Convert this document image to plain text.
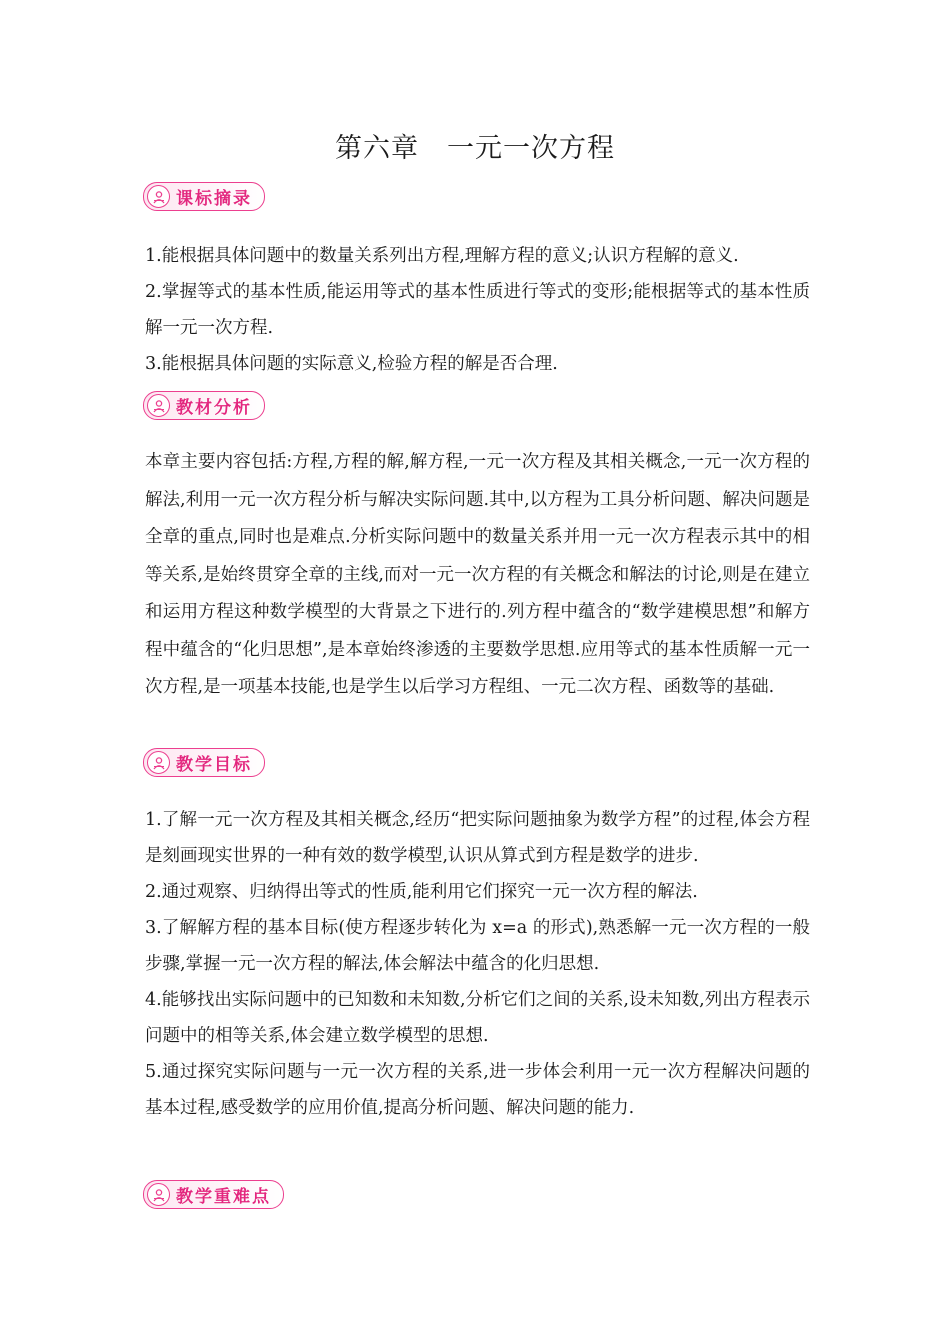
第六章　一元一次方程
课标摘录

1.能根据具体问题中的数量关系列出方程,理解方程的意义;认识方程解的意义.

2.掌握等式的基本性质,能运用等式的基本性质进行等式的变形;能根据等式的基本性质解一元一次方程.

3.能根据具体问题的实际意义,检验方程的解是否合理.

教材分析

本章主要内容包括:方程,方程的解,解方程,一元一次方程及其相关概念,一元一次方程的解法,利用一元一次方程分析与解决实际问题.其中,以方程为工具分析问题、解决问题是全章的重点,同时也是难点.分析实际问题中的数量关系并用一元一次方程表示其中的相等关系,是始终贯穿全章的主线,而对一元一次方程的有关概念和解法的讨论,则是在建立和运用方程这种数学模型的大背景之下进行的.列方程中蕴含的“数学建模思想”和解方程中蕴含的“化归思想”,是本章始终渗透的主要数学思想.应用等式的基本性质解一元一次方程,是一项基本技能,也是学生以后学习方程组、一元二次方程、函数等的基础.

教学目标

1.了解一元一次方程及其相关概念,经历“把实际问题抽象为数学方程”的过程,体会方程是刻画现实世界的一种有效的数学模型,认识从算式到方程是数学的进步.

2.通过观察、归纳得出等式的性质,能利用它们探究一元一次方程的解法.

3.了解解方程的基本目标(使方程逐步转化为 x=a 的形式),熟悉解一元一次方程的一般步骤,掌握一元一次方程的解法,体会解法中蕴含的化归思想.

4.能够找出实际问题中的已知数和未知数,分析它们之间的关系,设未知数,列出方程表示问题中的相等关系,体会建立数学模型的思想.

5.通过探究实际问题与一元一次方程的关系,进一步体会利用一元一次方程解决问题的基本过程,感受数学的应用价值,提高分析问题、解决问题的能力.

教学重难点
